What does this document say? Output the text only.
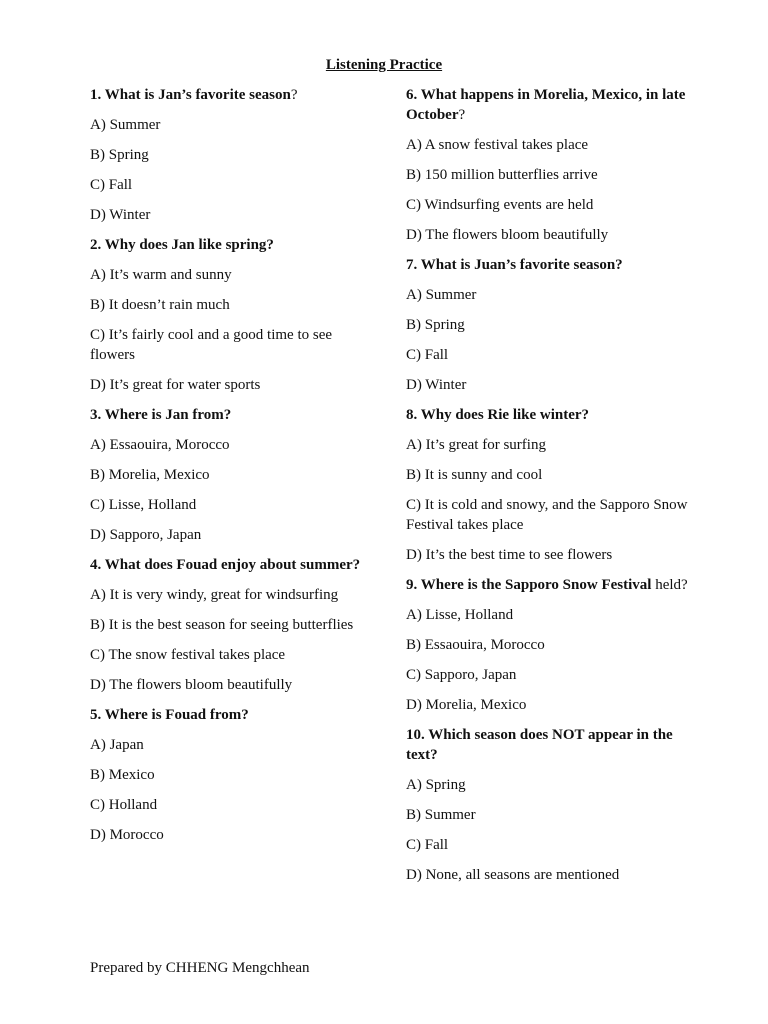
Listening Practice
1. What is Jan’s favorite season?
A) Summer
B) Spring
C) Fall
D) Winter
2. Why does Jan like spring?
A) It’s warm and sunny
B) It doesn’t rain much
C) It’s fairly cool and a good time to see flowers
D) It’s great for water sports
3. Where is Jan from?
A) Essaouira, Morocco
B) Morelia, Mexico
C) Lisse, Holland
D) Sapporo, Japan
4. What does Fouad enjoy about summer?
A) It is very windy, great for windsurfing
B) It is the best season for seeing butterflies
C) The snow festival takes place
D) The flowers bloom beautifully
5. Where is Fouad from?
A) Japan
B) Mexico
C) Holland
D) Morocco
6. What happens in Morelia, Mexico, in late October?
A) A snow festival takes place
B) 150 million butterflies arrive
C) Windsurfing events are held
D) The flowers bloom beautifully
7. What is Juan’s favorite season?
A) Summer
B) Spring
C) Fall
D) Winter
8. Why does Rie like winter?
A) It’s great for surfing
B) It is sunny and cool
C) It is cold and snowy, and the Sapporo Snow Festival takes place
D) It’s the best time to see flowers
9. Where is the Sapporo Snow Festival held?
A) Lisse, Holland
B) Essaouira, Morocco
C) Sapporo, Japan
D) Morelia, Mexico
10. Which season does NOT appear in the text?
A) Spring
B) Summer
C) Fall
D) None, all seasons are mentioned
Prepared by CHHENG Mengchhean
